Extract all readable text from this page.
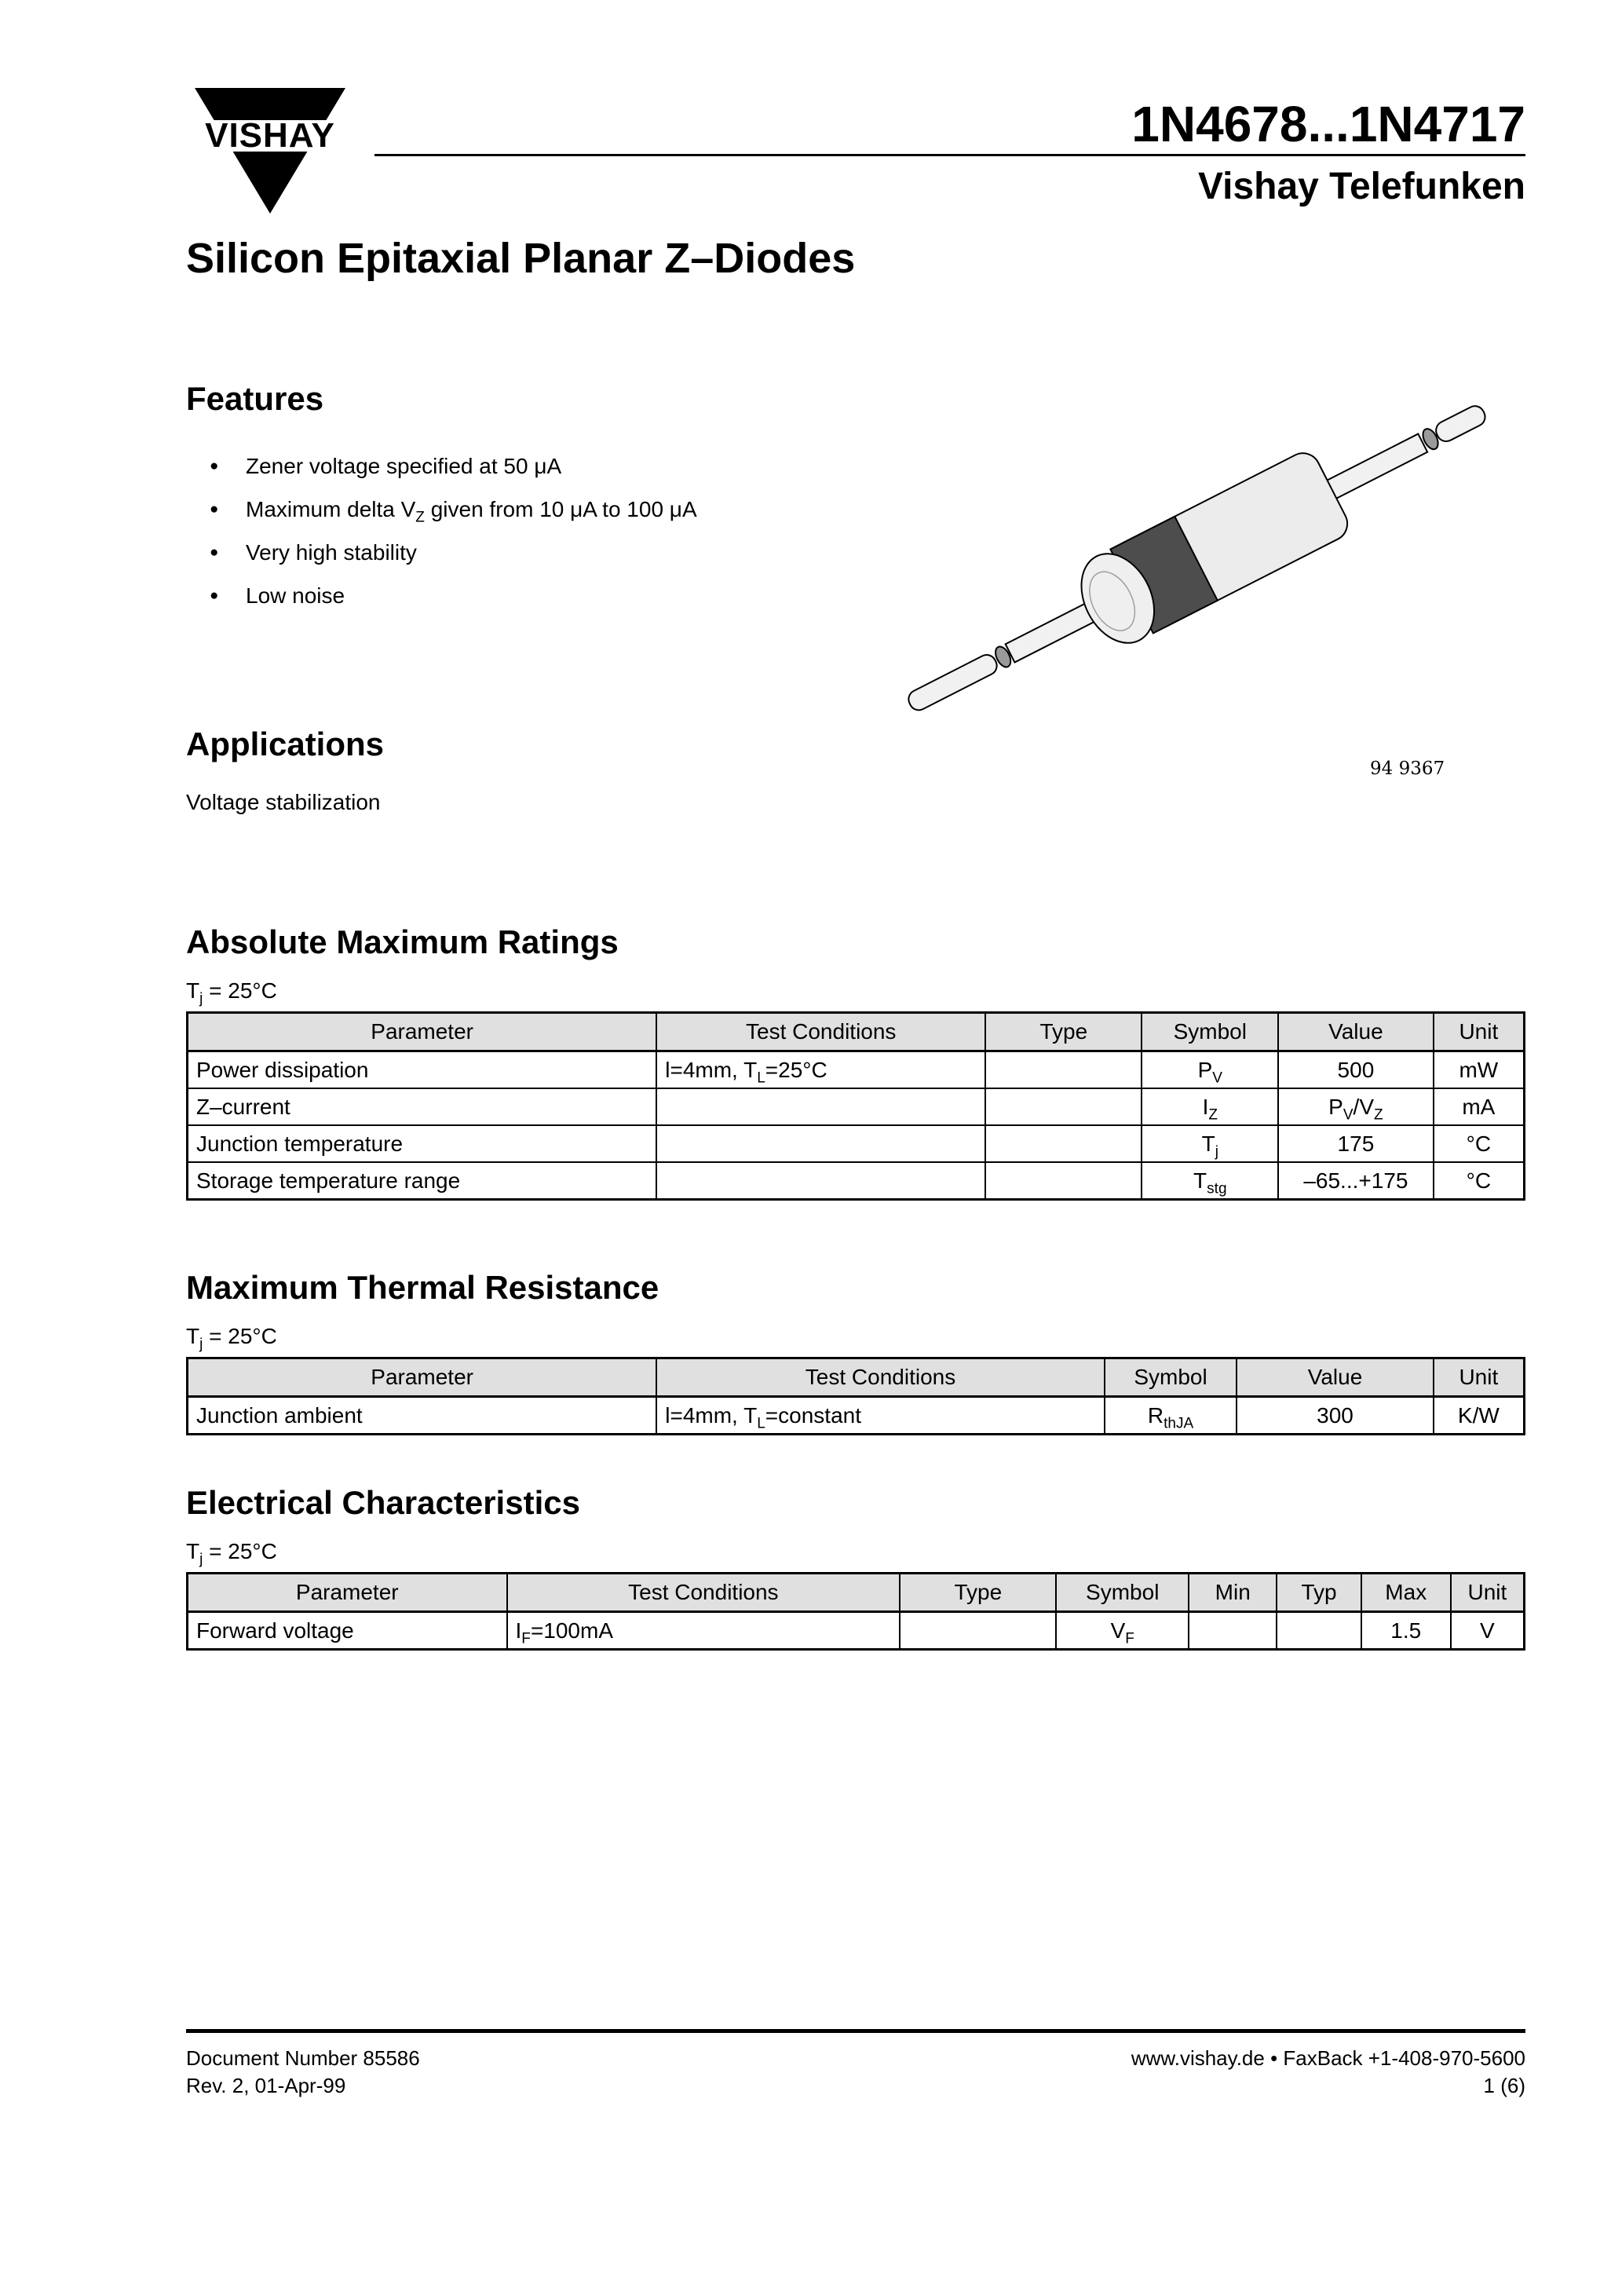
VISHAY	1N4678...1N4717
Vishay Telefunken
Silicon Epitaxial Planar Z–Diodes
Features
●	Zener voltage specified at 50 μA
●	Maximum delta $V_Z$ given from 10 μA to 100 μA
●	Very high stability
●	Low noise
94 9367
Applications
Voltage stabilization
Absolute Maximum Ratings
$T_j = 25^\circ C$
Parameter	Test Conditions	Type	Symbol	Value	Unit
Power dissipation	l=4mm, $T_L=25^\circ C$		$P_V$	500	mW
Z–current			$I_Z$	$P_V/V_Z$	mA
Junction temperature			$T_j$	175	°C
Storage temperature range			$T_{stg}$	–65...+175	°C
Maximum Thermal Resistance
$T_j = 25^\circ C$
Parameter	Test Conditions	Symbol	Value	Unit
Junction ambient	l=4mm, $T_L=constant$	$R_{thJA}$	300	K/W
Electrical Characteristics
$T_j = 25^\circ C$
Parameter	Test Conditions	Type	Symbol	Min	Typ	Max	Unit
Forward voltage	$I_F=100mA$		$V_F$			1.5	V
Document Number 85586
Rev. 2, 01-Apr-99
www.vishay.de • FaxBack +1-408-970-5600
1 (6)
